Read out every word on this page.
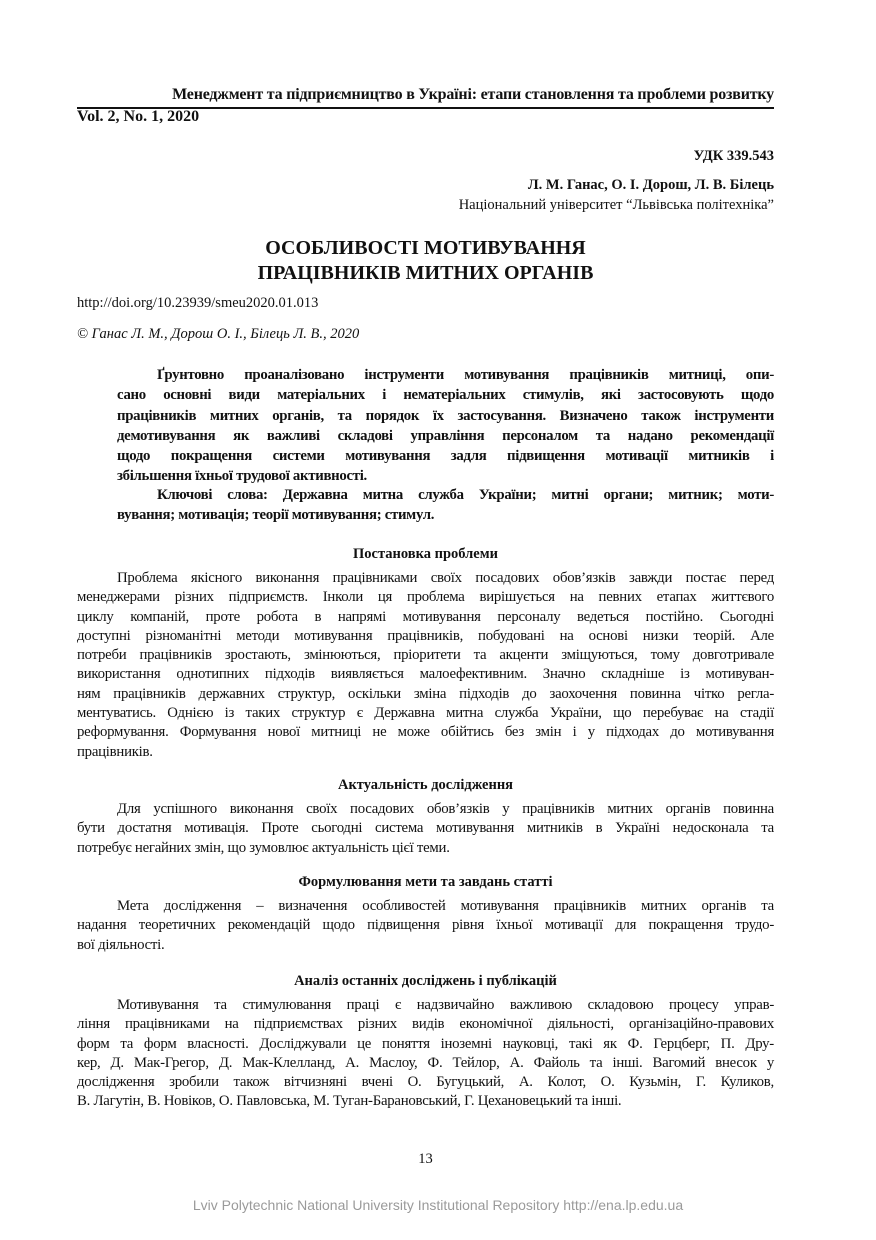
Менеджмент та підприємництво в Україні: етапи становлення та проблеми розвитку
Vol. 2, No. 1, 2020
УДК 339.543
Л. М. Ганас, О. І. Дорош, Л. В. Білець
Національний університет “Львівська політехніка”
ОСОБЛИВОСТІ МОТИВУВАННЯ
ПРАЦІВНИКІВ МИТНИХ ОРГАНІВ
http://doi.org/10.23939/smeu2020.01.013
© Ганас Л. М., Дорош О. І., Білець Л. В., 2020
Ґрунтовно проаналізовано інструменти мотивування працівників митниці, опи-
сано основні види матеріальних і нематеріальних стимулів, які застосовують щодо
працівників митних органів, та порядок їх застосування. Визначено також інструменти
демотивування як важливі складові управління персоналом та надано рекомендації
щодо покращення системи мотивування задля підвищення мотивації митників і
збільшення їхньої трудової активності.
Ключові слова: Державна митна служба України; митні органи; митник; моти-
вування; мотивація; теорії мотивування; стимул.
Постановка проблеми
Проблема якісного виконання працівниками своїх посадових обов’язків завжди постає перед
менеджерами різних підприємств. Інколи ця проблема вирішується на певних етапах життєвого
циклу компаній, проте робота в напрямі мотивування персоналу ведеться постійно. Сьогодні
доступні різноманітні методи мотивування працівників, побудовані на основі низки теорій. Але
потреби працівників зростають, змінюються, пріоритети та акценти зміщуються, тому довготривале
використання однотипних підходів виявляється малоефективним. Значно складніше із мотивуван-
ням працівників державних структур, оскільки зміна підходів до заохочення повинна чітко регла-
ментуватись. Однією із таких структур є Державна митна служба України, що перебуває на стадії
реформування. Формування нової митниці не може обійтись без змін і у підходах до мотивування
працівників.
Актуальність дослідження
Для успішного виконання своїх посадових обов’язків у працівників митних органів повинна
бути достатня мотивація. Проте сьогодні система мотивування митників в Україні недосконала та
потребує негайних змін, що зумовлює актуальність цієї теми.
Формулювання мети та завдань статті
Мета дослідження – визначення особливостей мотивування працівників митних органів та
надання теоретичних рекомендацій щодо підвищення рівня їхньої мотивації для покращення трудо-
вої діяльності.
Аналіз останніх досліджень і публікацій
Мотивування та стимулювання праці є надзвичайно важливою складовою процесу управ-
ління працівниками на підприємствах різних видів економічної діяльності, організаційно-правових
форм та форм власності. Досліджували це поняття іноземні науковці, такі як Ф. Герцберг, П. Дру-
кер, Д. Мак-Грегор, Д. Мак-Клелланд, А. Маслоу, Ф. Тейлор, А. Файоль та інші. Вагомий внесок у
дослідження зробили також вітчизняні вчені О. Бугуцький, А. Колот, О. Кузьмін, Г. Куликов,
В. Лагутін, В. Новіков, О. Павловська, М. Туган-Барановський, Г. Цехановецький та інші.
13
Lviv Polytechnic National University Institutional Repository http://ena.lp.edu.ua
